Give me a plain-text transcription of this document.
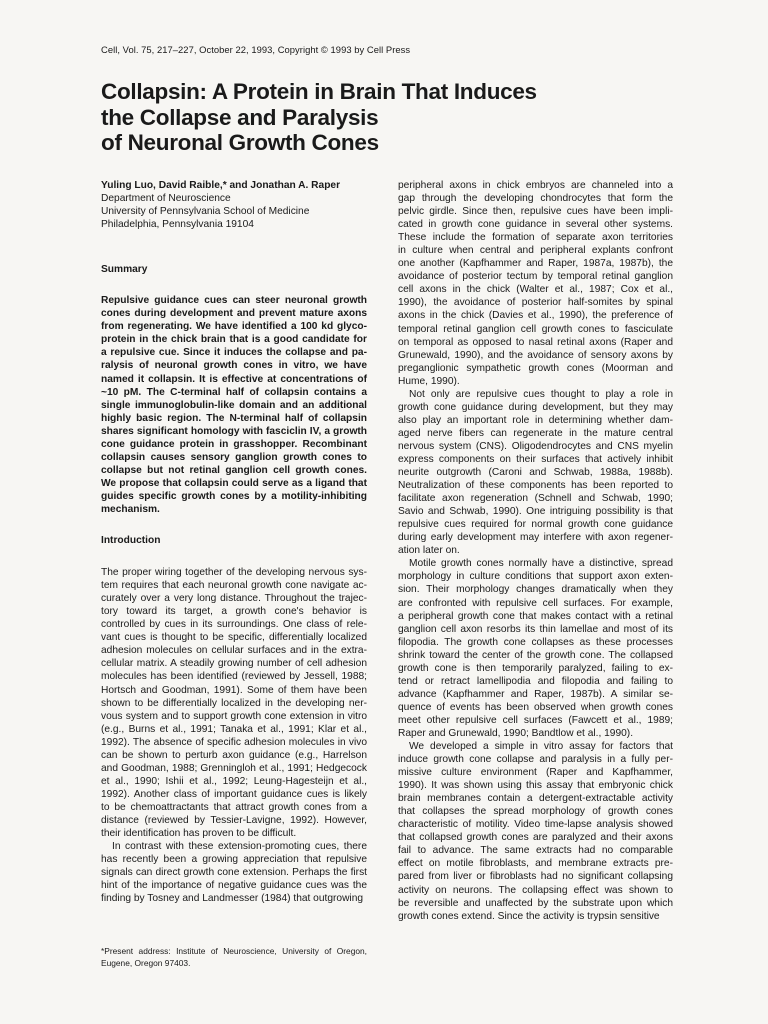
Cell, Vol. 75, 217–227, October 22, 1993, Copyright © 1993 by Cell Press
Collapsin: A Protein in Brain That Induces
the Collapse and Paralysis
of Neuronal Growth Cones
Yuling Luo, David Raible,* and Jonathan A. Raper
Department of Neuroscience
University of Pennsylvania School of Medicine
Philadelphia, Pennsylvania 19104
Summary
Repulsive guidance cues can steer neuronal growth
cones during development and prevent mature axons
from regenerating. We have identified a 100 kd glyco-
protein in the chick brain that is a good candidate for
a repulsive cue. Since it induces the collapse and pa-
ralysis of neuronal growth cones in vitro, we have
named it collapsin. It is effective at concentrations of
~10 pM. The C-terminal half of collapsin contains a
single immunoglobulin-like domain and an additional
highly basic region. The N-terminal half of collapsin
shares significant homology with fasciclin IV, a growth
cone guidance protein in grasshopper. Recombinant
collapsin causes sensory ganglion growth cones to
collapse but not retinal ganglion cell growth cones.
We propose that collapsin could serve as a ligand that
guides specific growth cones by a motility-inhibiting
mechanism.
Introduction
The proper wiring together of the developing nervous sys-
tem requires that each neuronal growth cone navigate ac-
curately over a very long distance. Throughout the trajec-
tory toward its target, a growth cone's behavior is
controlled by cues in its surroundings. One class of rele-
vant cues is thought to be specific, differentially localized
adhesion molecules on cellular surfaces and in the extra-
cellular matrix. A steadily growing number of cell adhesion
molecules has been identified (reviewed by Jessell, 1988;
Hortsch and Goodman, 1991). Some of them have been
shown to be differentially localized in the developing ner-
vous system and to support growth cone extension in vitro
(e.g., Burns et al., 1991; Tanaka et al., 1991; Klar et al.,
1992). The absence of specific adhesion molecules in vivo
can be shown to perturb axon guidance (e.g., Harrelson
and Goodman, 1988; Grenningloh et al., 1991; Hedgecock
et al., 1990; Ishii et al., 1992; Leung-Hagesteijn et al.,
1992). Another class of important guidance cues is likely
to be chemoattractants that attract growth cones from a
distance (reviewed by Tessier-Lavigne, 1992). However,
their identification has proven to be difficult.
In contrast with these extension-promoting cues, there
has recently been a growing appreciation that repulsive
signals can direct growth cone extension. Perhaps the first
hint of the importance of negative guidance cues was the
finding by Tosney and Landmesser (1984) that outgrowing
*Present address: Institute of Neuroscience, University of Oregon,
Eugene, Oregon 97403.
peripheral axons in chick embryos are channeled into a
gap through the developing chondrocytes that form the
pelvic girdle. Since then, repulsive cues have been impli-
cated in growth cone guidance in several other systems.
These include the formation of separate axon territories
in culture when central and peripheral explants confront
one another (Kapfhammer and Raper, 1987a, 1987b), the
avoidance of posterior tectum by temporal retinal ganglion
cell axons in the chick (Walter et al., 1987; Cox et al.,
1990), the avoidance of posterior half-somites by spinal
axons in the chick (Davies et al., 1990), the preference of
temporal retinal ganglion cell growth cones to fasciculate
on temporal as opposed to nasal retinal axons (Raper and
Grunewald, 1990), and the avoidance of sensory axons by
preganglionic sympathetic growth cones (Moorman and
Hume, 1990).
Not only are repulsive cues thought to play a role in
growth cone guidance during development, but they may
also play an important role in determining whether dam-
aged nerve fibers can regenerate in the mature central
nervous system (CNS). Oligodendrocytes and CNS myelin
express components on their surfaces that actively inhibit
neurite outgrowth (Caroni and Schwab, 1988a, 1988b).
Neutralization of these components has been reported to
facilitate axon regeneration (Schnell and Schwab, 1990;
Savio and Schwab, 1990). One intriguing possibility is that
repulsive cues required for normal growth cone guidance
during early development may interfere with axon regener-
ation later on.
Motile growth cones normally have a distinctive, spread
morphology in culture conditions that support axon exten-
sion. Their morphology changes dramatically when they
are confronted with repulsive cell surfaces. For example,
a peripheral growth cone that makes contact with a retinal
ganglion cell axon resorbs its thin lamellae and most of its
filopodia. The growth cone collapses as these processes
shrink toward the center of the growth cone. The collapsed
growth cone is then temporarily paralyzed, failing to ex-
tend or retract lamellipodia and filopodia and failing to
advance (Kapfhammer and Raper, 1987b). A similar se-
quence of events has been observed when growth cones
meet other repulsive cell surfaces (Fawcett et al., 1989;
Raper and Grunewald, 1990; Bandtlow et al., 1990).
We developed a simple in vitro assay for factors that
induce growth cone collapse and paralysis in a fully per-
missive culture environment (Raper and Kapfhammer,
1990). It was shown using this assay that embryonic chick
brain membranes contain a detergent-extractable activity
that collapses the spread morphology of growth cones
characteristic of motility. Video time-lapse analysis showed
that collapsed growth cones are paralyzed and their axons
fail to advance. The same extracts had no comparable
effect on motile fibroblasts, and membrane extracts pre-
pared from liver or fibroblasts had no significant collapsing
activity on neurons. The collapsing effect was shown to
be reversible and unaffected by the substrate upon which
growth cones extend. Since the activity is trypsin sensitive
